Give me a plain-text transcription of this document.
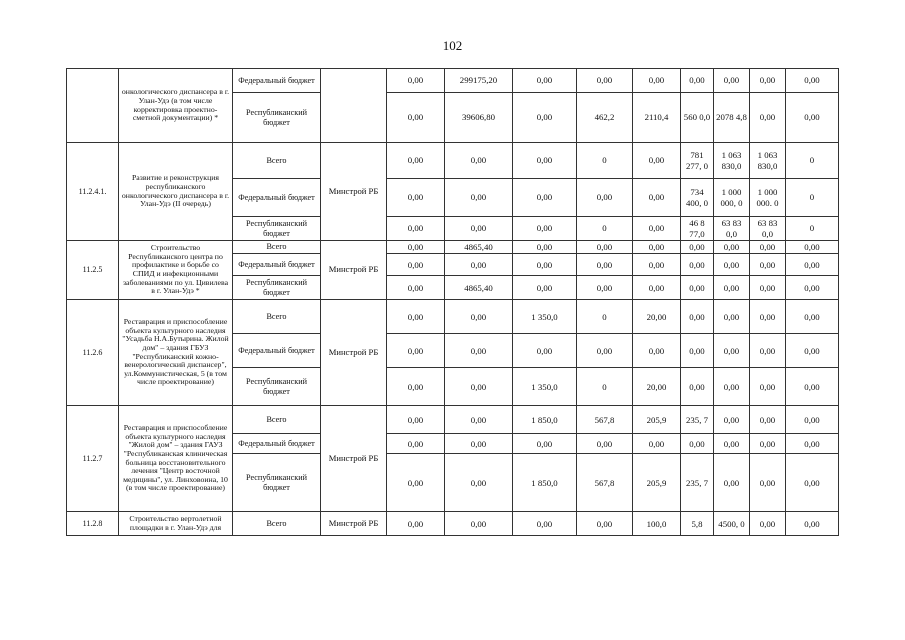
102
	онкологического диспансера в г. Улан-Удэ (в том числе корректировка проектно-сметной документации) *	Федеральный бюджет		0,00	299175,20	0,00	0,00	0,00	0,00	0,00	0,00	0,00
		Республиканский бюджет		0,00	39606,80	0,00	462,2	2110,4	560 0,0	2078 4,8	0,00	0,00
11.2.4.1.	Развитие и реконструкция республиканского онкологического диспансера в г. Улан-Удэ (II очередь)	Всего	Минстрой РБ	0,00	0,00	0,00	0	0,00	781 277, 0	1 063 830,0	1 063 830,0	0
		Федеральный бюджет		0,00	0,00	0,00	0,00	0,00	734 400, 0	1 000 000, 0	1 000 000. 0	0
		Республиканский бюджет		0,00	0,00	0,00	0	0,00	46 8 77,0	63 83 0,0	63 83 0,0	0
11.2.5	Строительство Республиканского центра по профилактике и борьбе со СПИД и инфекционными заболеваниями по ул. Цивилева в г. Улан-Удэ *	Всего	Минстрой РБ	0,00	4865,40	0,00	0,00	0,00	0,00	0,00	0,00	0,00
		Федеральный бюджет		0,00	0,00	0,00	0,00	0,00	0,00	0,00	0,00	0,00
		Республиканский бюджет		0,00	4865,40	0,00	0,00	0,00	0,00	0,00	0,00	0,00
11.2.6	Реставрация и приспособление объекта культурного наследия "Усадьба Н.А.Бутырина. Жилой дом" – здания ГБУЗ "Республиканский кожно-венерологический диспансер", ул.Коммунистическая, 5 (в том числе проектирование)	Всего	Минстрой РБ	0,00	0,00	1 350,0	0	20,00	0,00	0,00	0,00	0,00
		Федеральный бюджет		0,00	0,00	0,00	0,00	0,00	0,00	0,00	0,00	0,00
		Республиканский бюджет		0,00	0,00	1 350,0	0	20,00	0,00	0,00	0,00	0,00
11.2.7	Реставрация и приспособление объекта культурного наследия "Жилой дом" – здания ГАУЗ "Республиканская клиническая больница восстановительного лечения "Центр восточной медицины", ул. Линховоина, 10 (в том числе проектирование)	Всего	Минстрой РБ	0,00	0,00	1 850,0	567,8	205,9	235, 7	0,00	0,00	0,00
		Федеральный бюджет		0,00	0,00	0,00	0,00	0,00	0,00	0,00	0,00	0,00
		Республиканский бюджет		0,00	0,00	1 850,0	567,8	205,9	235, 7	0,00	0,00	0,00
11.2.8	Строительство вертолетной площадки в г. Улан-Удэ для	Всего	Минстрой РБ	0,00	0,00	0,00	0,00	100,0	5,8	4500, 0	0,00	0,00
